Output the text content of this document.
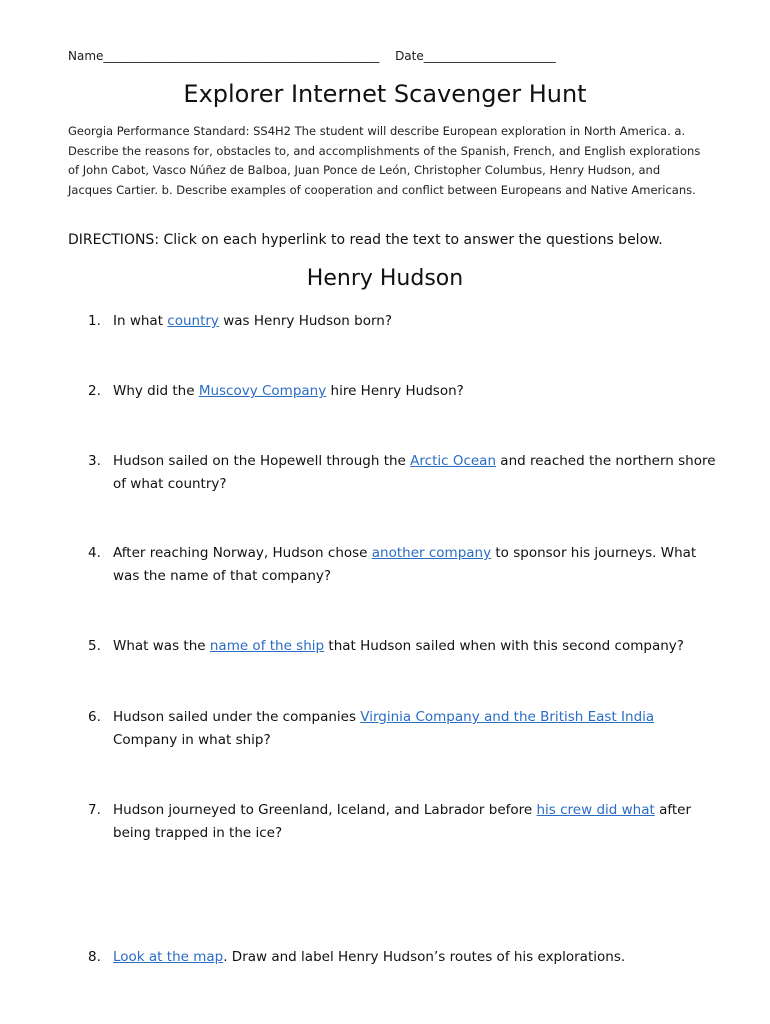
Name______________________________________________ Date______________________
Explorer Internet Scavenger Hunt
Georgia Performance Standard: SS4H2 The student will describe European exploration in North America. a. Describe the reasons for, obstacles to, and accomplishments of the Spanish, French, and English explorations of John Cabot, Vasco Núñez de Balboa, Juan Ponce de León, Christopher Columbus, Henry Hudson, and Jacques Cartier. b. Describe examples of cooperation and conflict between Europeans and Native Americans.
DIRECTIONS: Click on each hyperlink to read the text to answer the questions below.
Henry Hudson
1. In what country was Henry Hudson born?
2. Why did the Muscovy Company hire Henry Hudson?
3. Hudson sailed on the Hopewell through the Arctic Ocean and reached the northern shore of what country?
4. After reaching Norway, Hudson chose another company to sponsor his journeys. What was the name of that company?
5. What was the name of the ship that Hudson sailed when with this second company?
6. Hudson sailed under the companies Virginia Company and the British East India Company in what ship?
7. Hudson journeyed to Greenland, Iceland, and Labrador before his crew did what after being trapped in the ice?
8. Look at the map. Draw and label Henry Hudson’s routes of his explorations.
